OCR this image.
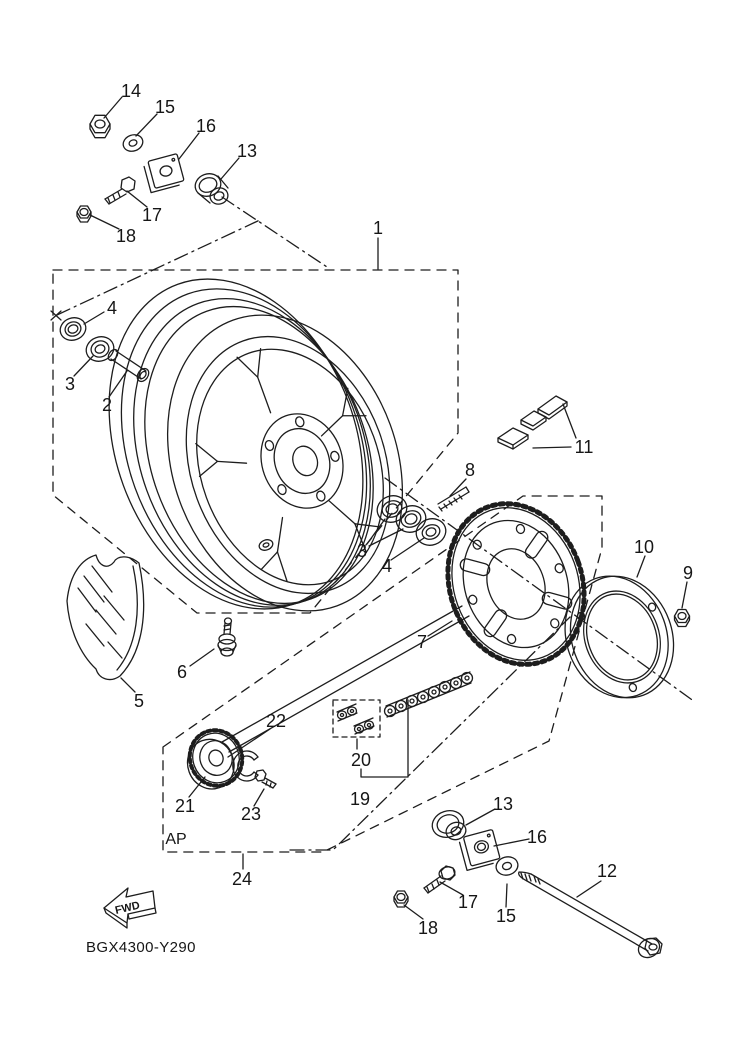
FWD
1
2
3
4
3
4
5
6
7
8
9
10
11
12
13
14
15
16
17
18
13
15
16
17
18
19
20
21
22
23
24
AP
BGX4300-Y290
